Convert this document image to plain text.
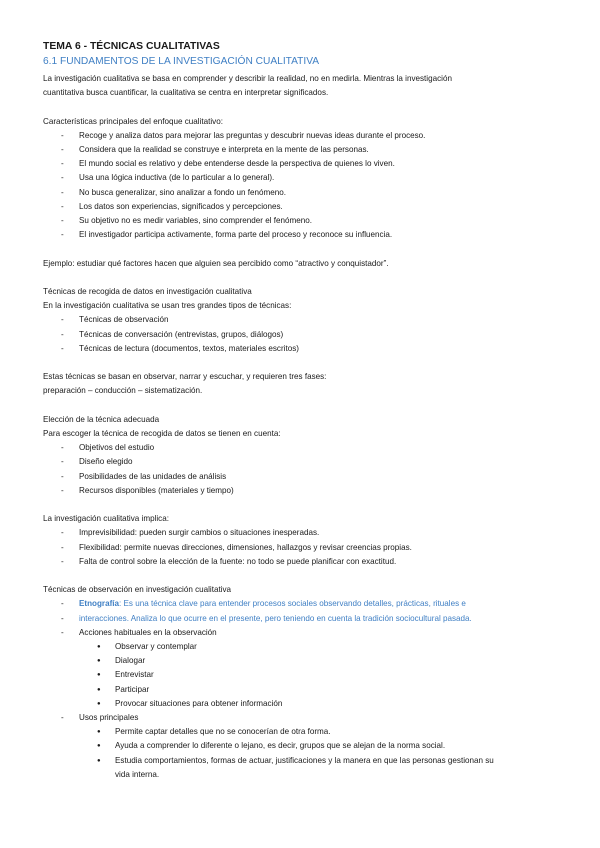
TEMA 6 - TÉCNICAS CUALITATIVAS
6.1 FUNDAMENTOS DE LA INVESTIGACIÓN CUALITATIVA

La investigación cualitativa se basa en comprender y describir la realidad, no en medirla. Mientras la investigación

cuantitativa busca cuantificar, la cualitativa se centra en interpretar significados.

Características principales del enfoque cualitativo:

- Recoge y analiza datos para mejorar las preguntas y descubrir nuevas ideas durante el proceso.
- Considera que la realidad se construye e interpreta en la mente de las personas.
- El mundo social es relativo y debe entenderse desde la perspectiva de quienes lo viven.
- Usa una lógica inductiva (de lo particular a lo general).
- No busca generalizar, sino analizar a fondo un fenómeno.
- Los datos son experiencias, significados y percepciones.
- Su objetivo no es medir variables, sino comprender el fenómeno.
- El investigador participa activamente, forma parte del proceso y reconoce su influencia.

Ejemplo: estudiar qué factores hacen que alguien sea percibido como “atractivo y conquistador”.

Técnicas de recogida de datos en investigación cualitativa

En la investigación cualitativa se usan tres grandes tipos de técnicas:

- Técnicas de observación
- Técnicas de conversación (entrevistas, grupos, diálogos)
- Técnicas de lectura (documentos, textos, materiales escritos)

Estas técnicas se basan en observar, narrar y escuchar, y requieren tres fases:

preparación – conducción – sistematización.

Elección de la técnica adecuada

Para escoger la técnica de recogida de datos se tienen en cuenta:

- Objetivos del estudio
- Diseño elegido
- Posibilidades de las unidades de análisis
- Recursos disponibles (materiales y tiempo)

La investigación cualitativa implica:

- Imprevisibilidad: pueden surgir cambios o situaciones inesperadas.
- Flexibilidad: permite nuevas direcciones, dimensiones, hallazgos y revisar creencias propias.
- Falta de control sobre la elección de la fuente: no todo se puede planificar con exactitud.

Técnicas de observación en investigación cualitativa

- Etnografía: Es una técnica clave para entender procesos sociales observando detalles, prácticas, rituales e
- interacciones. Analiza lo que ocurre en el presente, pero teniendo en cuenta la tradición sociocultural pasada.
- Acciones habituales en la observación
● Observar y contemplar
● Dialogar
● Entrevistar
● Participar
● Provocar situaciones para obtener información
- Usos principales
● Permite captar detalles que no se conocerían de otra forma.
● Ayuda a comprender lo diferente o lejano, es decir, grupos que se alejan de la norma social.
● Estudia comportamientos, formas de actuar, justificaciones y la manera en que las personas gestionan su

vida interna.
